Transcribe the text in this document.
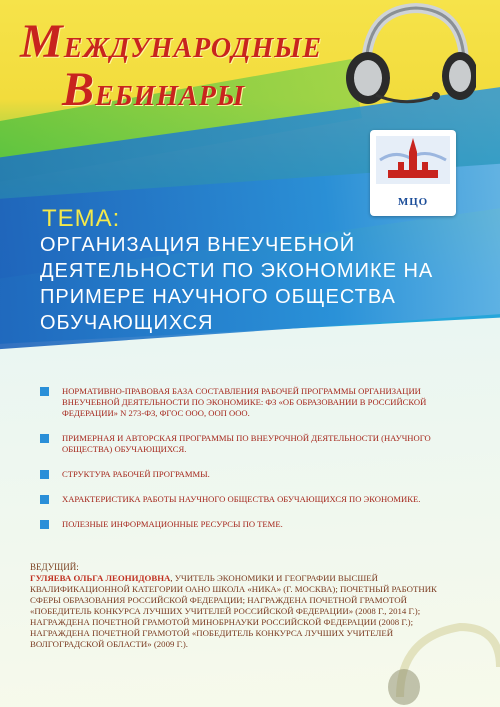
МЕЖДУНАРОДНЫЕ
ВЕБИНАРЫ
МЦО
ТЕМА:
ОРГАНИЗАЦИЯ ВНЕУЧЕБНОЙ ДЕЯТЕЛЬНОСТИ ПО ЭКОНОМИКЕ НА ПРИМЕРЕ НАУЧНОГО ОБЩЕСТВА ОБУЧАЮЩИХСЯ
НОРМАТИВНО-ПРАВОВАЯ БАЗА СОСТАВЛЕНИЯ РАБОЧЕЙ ПРОГРАММЫ ОРГАНИЗАЦИИ ВНЕУЧЕБНОЙ ДЕЯТЕЛЬНОСТИ ПО ЭКОНОМИКЕ: ФЗ «ОБ ОБРАЗОВАНИИ В РОССИЙСКОЙ ФЕДЕРАЦИИ» N 273-ФЗ, ФГОС ООО, ООП ООО.
ПРИМЕРНАЯ И АВТОРСКАЯ ПРОГРАММЫ ПО ВНЕУРОЧНОЙ ДЕЯТЕЛЬНОСТИ (НАУЧНОГО ОБЩЕСТВА) ОБУЧАЮЩИХСЯ.
СТРУКТУРА РАБОЧЕЙ ПРОГРАММЫ.
ХАРАКТЕРИСТИКА РАБОТЫ НАУЧНОГО ОБЩЕСТВА ОБУЧАЮЩИХСЯ ПО ЭКОНОМИКЕ.
ПОЛЕЗНЫЕ ИНФОРМАЦИОННЫЕ РЕСУРСЫ ПО ТЕМЕ.
ВЕДУЩИЙ:
ГУЛЯЕВА ОЛЬГА ЛЕОНИДОВНА, УЧИТЕЛЬ ЭКОНОМИКИ И ГЕОГРАФИИ ВЫСШЕЙ КВАЛИФИКАЦИОННОЙ КАТЕГОРИИ ОАНО ШКОЛА «НИКА» (Г. МОСКВА); ПОЧЕТНЫЙ РАБОТНИК СФЕРЫ ОБРАЗОВАНИЯ РОССИЙСКОЙ ФЕДЕРАЦИИ; НАГРАЖДЕНА ПОЧЕТНОЙ ГРАМОТОЙ «ПОБЕДИТЕЛЬ КОНКУРСА ЛУЧШИХ УЧИТЕЛЕЙ РОССИЙСКОЙ ФЕДЕРАЦИИ» (2008 Г., 2014 Г.); НАГРАЖДЕНА ПОЧЕТНОЙ ГРАМОТОЙ МИНОБРНАУКИ РОССИЙСКОЙ ФЕДЕРАЦИИ (2008 Г.); НАГРАЖДЕНА ПОЧЕТНОЙ ГРАМОТОЙ «ПОБЕДИТЕЛЬ КОНКУРСА ЛУЧШИХ УЧИТЕЛЕЙ ВОЛГОГРАДСКОЙ ОБЛАСТИ» (2009 Г.).
